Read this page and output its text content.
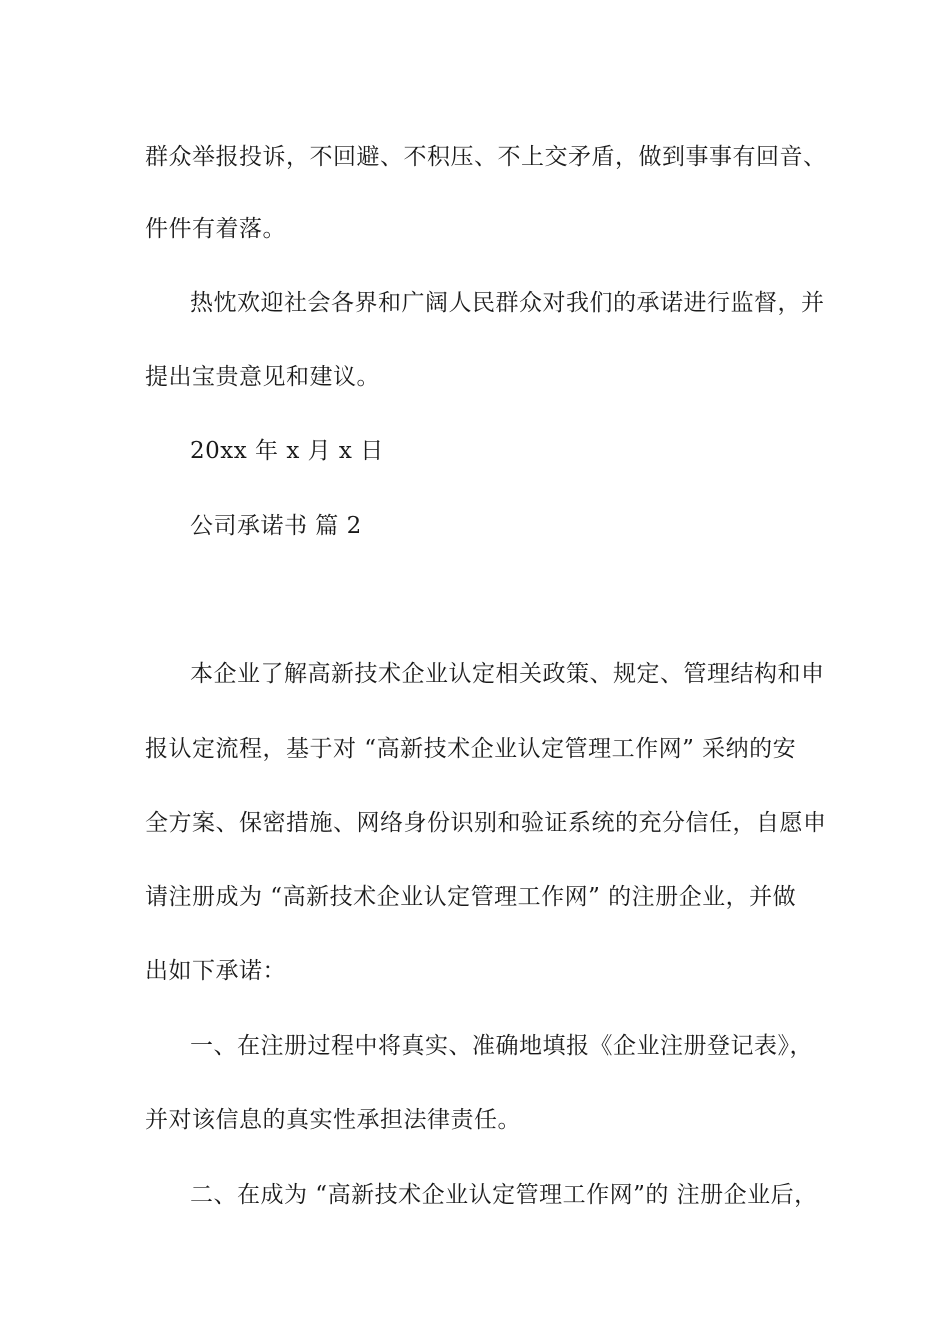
群众举报投诉，不回避、不积压、不上交矛盾，做到事事有回音、
件件有着落。
热忱欢迎社会各界和广阔人民群众对我们的承诺进行监督，并
提出宝贵意见和建议。
20xx 年 x 月 x 日
公司承诺书 篇 2
本企业了解高新技术企业认定相关政策、规定、管理结构和申
报认定流程，基于对 “高新技术企业认定管理工作网” 采纳的安
全方案、保密措施、网络身份识别和验证系统的充分信任，自愿申
请注册成为 “高新技术企业认定管理工作网” 的注册企业，并做
出如下承诺：
一、在注册过程中将真实、准确地填报《企业注册登记表》，
并对该信息的真实性承担法律责任。
二、在成为 “高新技术企业认定管理工作网”的 注册企业后，
